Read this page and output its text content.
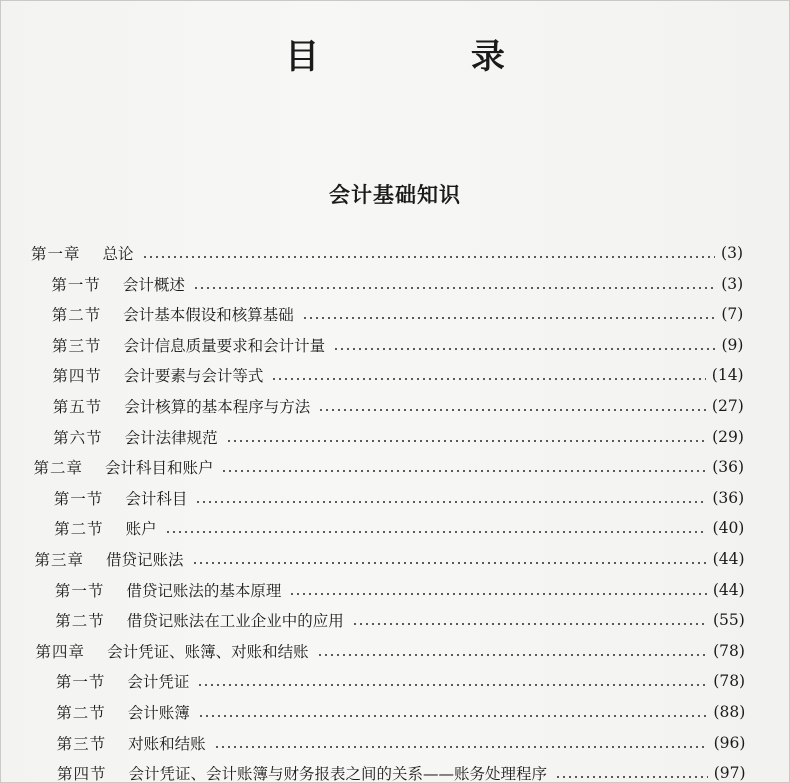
目 录
会计基础知识
第一章 总论	(3)
第一节 会计概述	(3)
第二节 会计基本假设和核算基础	(7)
第三节 会计信息质量要求和会计计量	(9)
第四节 会计要素与会计等式	(14)
第五节 会计核算的基本程序与方法	(27)
第六节 会计法律规范	(29)
第二章 会计科目和账户	(36)
第一节 会计科目	(36)
第二节 账户	(40)
第三章 借贷记账法	(44)
第一节 借贷记账法的基本原理	(44)
第二节 借贷记账法在工业企业中的应用	(55)
第四章 会计凭证、账簿、对账和结账	(78)
第一节 会计凭证	(78)
第二节 会计账簿	(88)
第三节 对账和结账	(96)
第四节 会计凭证、会计账簿与财务报表之间的关系——账务处理程序	(97)
